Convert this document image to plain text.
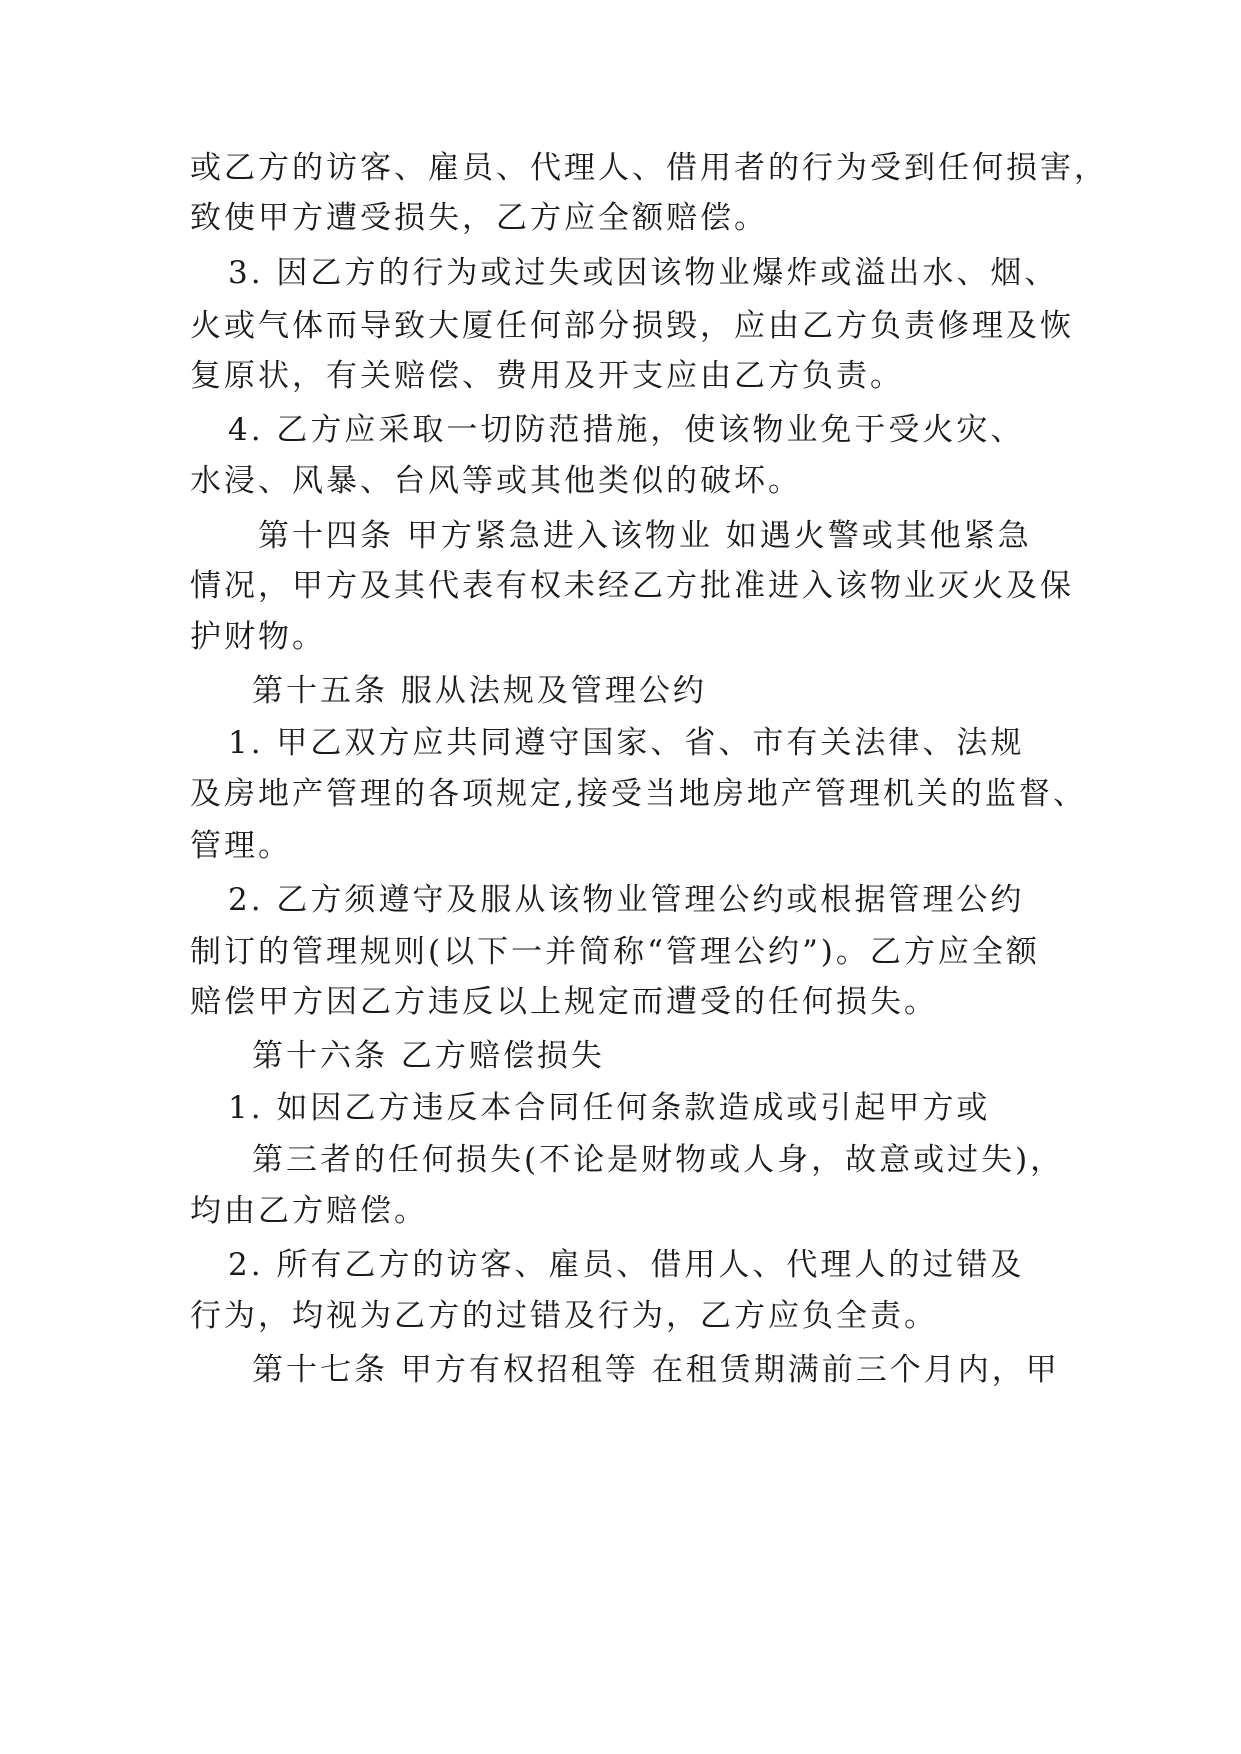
或乙方的访客、雇员、代理人、借用者的行为受到任何损害，
致使甲方遭受损失，乙方应全额赔偿。
3. 因乙方的行为或过失或因该物业爆炸或溢出水、烟、
火或气体而导致大厦任何部分损毁，应由乙方负责修理及恢
复原状，有关赔偿、费用及开支应由乙方负责。
4. 乙方应采取一切防范措施，使该物业免于受火灾、
水浸、风暴、台风等或其他类似的破坏。
第十四条 甲方紧急进入该物业 如遇火警或其他紧急
情况，甲方及其代表有权未经乙方批准进入该物业灭火及保
护财物。
第十五条 服从法规及管理公约
1. 甲乙双方应共同遵守国家、省、市有关法律、法规
及房地产管理的各项规定,接受当地房地产管理机关的监督、
管理。
2. 乙方须遵守及服从该物业管理公约或根据管理公约
制订的管理规则(以下一并简称“管理公约”)。乙方应全额
赔偿甲方因乙方违反以上规定而遭受的任何损失。
第十六条 乙方赔偿损失
1. 如因乙方违反本合同任何条款造成或引起甲方或
第三者的任何损失(不论是财物或人身，故意或过失)，
均由乙方赔偿。
2. 所有乙方的访客、雇员、借用人、代理人的过错及
行为，均视为乙方的过错及行为，乙方应负全责。
第十七条 甲方有权招租等 在租赁期满前三个月内，甲
